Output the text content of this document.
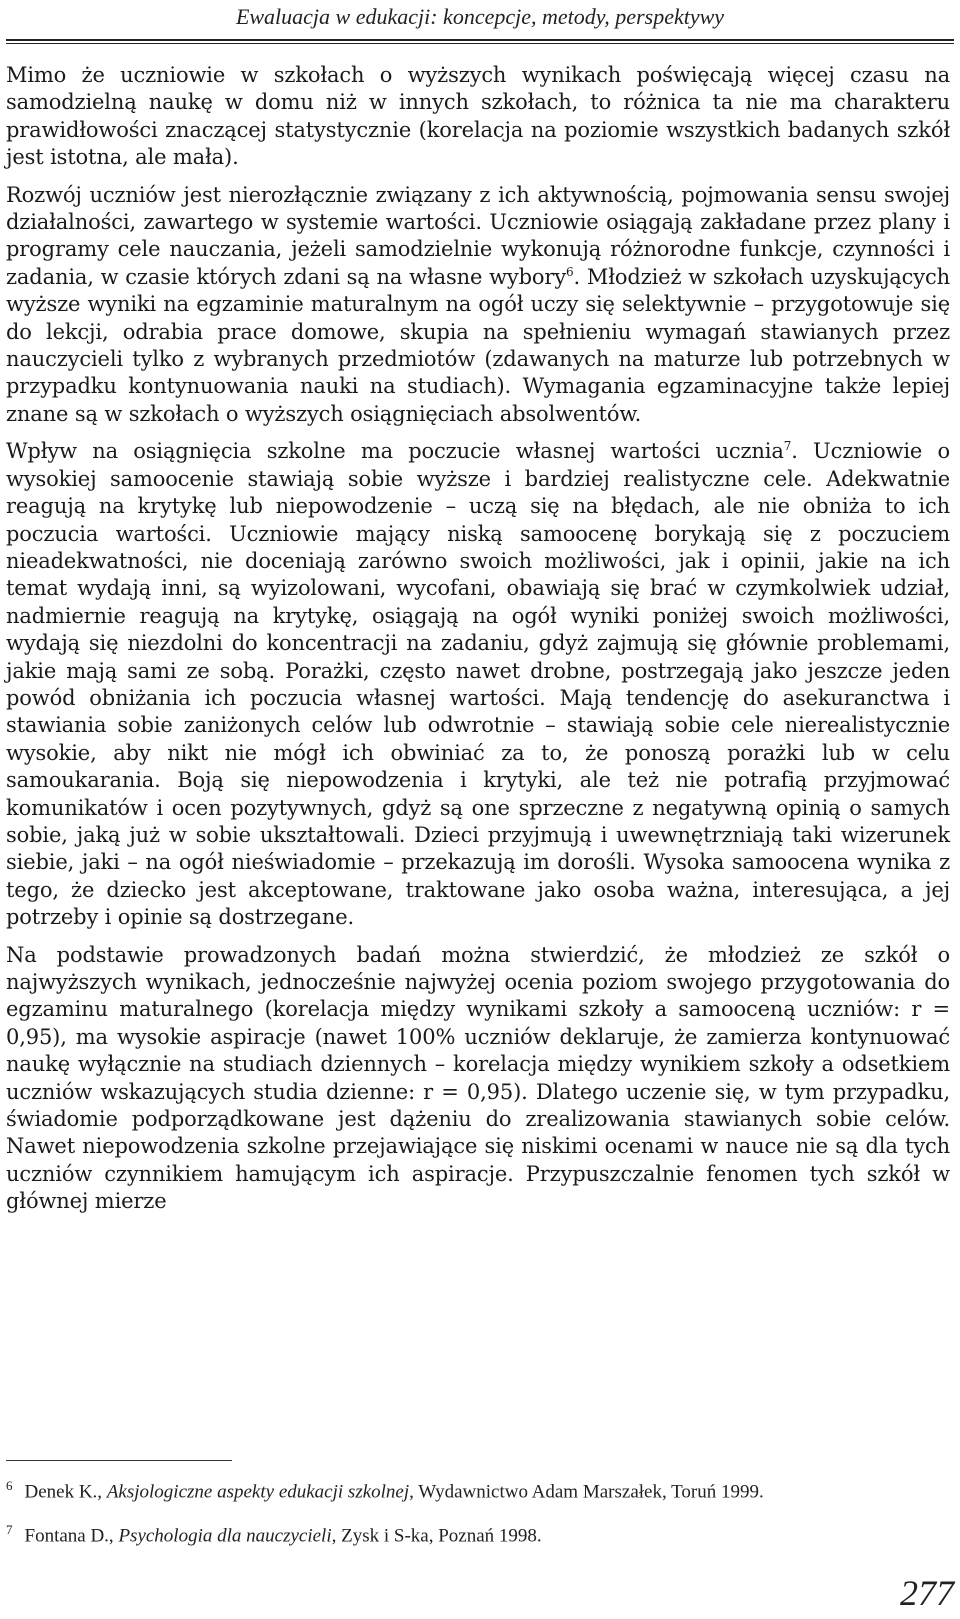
Ewaluacja w edukacji: koncepcje, metody, perspektywy

Mimo że uczniowie w szkołach o wyższych wynikach poświęcają więcej czasu na samodzielną naukę w domu niż w innych szkołach, to różnica ta nie ma charakteru prawidłowości znaczącej statystycznie (korelacja na poziomie wszystkich badanych szkół jest istotna, ale mała).

Rozwój uczniów jest nierozłącznie związany z ich aktywnością, pojmowania sensu swojej działalności, zawartego w systemie wartości. Uczniowie osiągają zakładane przez plany i programy cele nauczania, jeżeli samodzielnie wykonują różnorodne funkcje, czynności i zadania, w czasie których zdani są na własne wybory$^6$. Młodzież w szkołach uzyskujących wyższe wyniki na egzaminie maturalnym na ogół uczy się selektywnie – przygotowuje się do lekcji, odrabia prace domowe, skupia na spełnieniu wymagań stawianych przez nauczycieli tylko z wybranych przedmiotów (zdawanych na maturze lub potrzebnych w przypadku kontynuowania nauki na studiach). Wymagania egzaminacyjne także lepiej znane są w szkołach o wyższych osiągnięciach absolwentów.

Wpływ na osiągnięcia szkolne ma poczucie własnej wartości ucznia$^7$. Uczniowie o wysokiej samoocenie stawiają sobie wyższe i bardziej realistyczne cele. Adekwatnie reagują na krytykę lub niepowodzenie – uczą się na błędach, ale nie obniża to ich poczucia wartości. Uczniowie mający niską samoocenę borykają się z poczuciem nieadekwatności, nie doceniają zarówno swoich możliwości, jak i opinii, jakie na ich temat wydają inni, są wyizolowani, wycofani, obawiają się brać w czymkolwiek udział, nadmiernie reagują na krytykę, osiągają na ogół wyniki poniżej swoich możliwości, wydają się niezdolni do koncentracji na zadaniu, gdyż zajmują się głównie problemami, jakie mają sami ze sobą. Porażki, często nawet drobne, postrzegają jako jeszcze jeden powód obniżania ich poczucia własnej wartości. Mają tendencję do asekuranctwa i stawiania sobie zaniżonych celów lub odwrotnie – stawiają sobie cele nierealistycznie wysokie, aby nikt nie mógł ich obwiniać za to, że ponoszą porażki lub w celu samoukarania. Boją się niepowodzenia i krytyki, ale też nie potrafią przyjmować komunikatów i ocen pozytywnych, gdyż są one sprzeczne z negatywną opinią o samych sobie, jaką już w sobie ukształtowali. Dzieci przyjmują i uwewnętrzniają taki wizerunek siebie, jaki – na ogół nieświadomie – przekazują im dorośli. Wysoka samoocena wynika z tego, że dziecko jest akceptowane, traktowane jako osoba ważna, interesująca, a jej potrzeby i opinie są dostrzegane.

Na podstawie prowadzonych badań można stwierdzić, że młodzież ze szkół o najwyższych wynikach, jednocześnie najwyżej ocenia poziom swojego przygotowania do egzaminu maturalnego (korelacja między wynikami szkoły a samooceną uczniów: r = 0,95), ma wysokie aspiracje (nawet 100% uczniów deklaruje, że zamierza kontynuować naukę wyłącznie na studiach dziennych – korelacja między wynikiem szkoły a odsetkiem uczniów wskazujących studia dzienne: r = 0,95). Dlatego uczenie się, w tym przypadku, świadomie podporządkowane jest dążeniu do zrealizowania stawianych sobie celów. Nawet niepowodzenia szkolne przejawiające się niskimi ocenami w nauce nie są dla tych uczniów czynnikiem hamującym ich aspiracje. Przypuszczalnie fenomen tych szkół w głównej mierze

$^6$ Denek K., Aksjologiczne aspekty edukacji szkolnej, Wydawnictwo Adam Marszałek, Toruń 1999.
$^7$ Fontana D., Psychologia dla nauczycieli, Zysk i S-ka, Poznań 1998.
277
